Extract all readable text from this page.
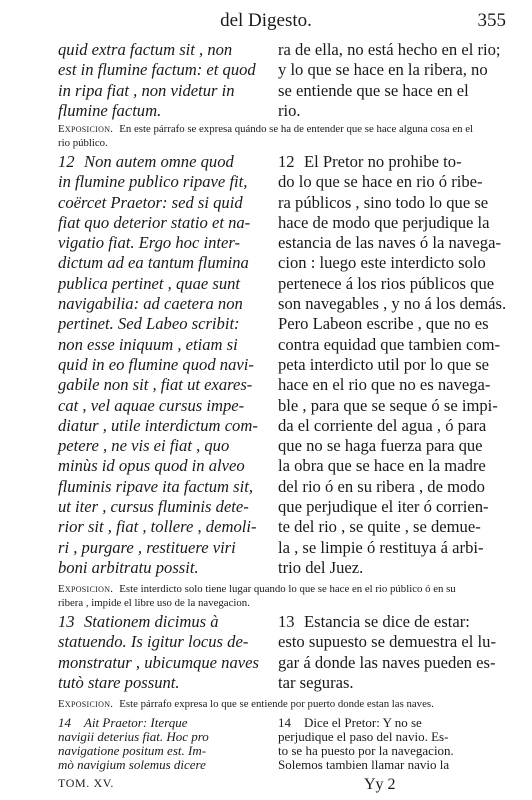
del Digesto.	355
quid extra factum sit , non
est in flumine factum: et quod
in ripa fiat , non videtur in
flumine factum.
ra de ella, no está hecho en el rio;
y lo que se hace en la ribera, no
se entiende que se hace en el
rio.
Exposicion. En este párrafo se expresa quándo se ha de entender que se hace alguna cosa en el rio público.
12 Non autem omne quod
in flumine publico ripave fit,
coërcet Praetor: sed si quid
fiat quo deterior statio et na-
vigatio fiat. Ergo hoc inter-
dictum ad ea tantum flumina
publica pertinet , quae sunt
navigabilia: ad caetera non
pertinet. Sed Labeo scribit:
non esse iniquum , etiam si
quid in eo flumine quod navi-
gabile non sit , fiat ut exares-
cat , vel aquae cursus impe-
diatur , utile interdictum com-
petere , ne vis ei fiat , quo
minùs id opus quod in alveo
fluminis ripave ita factum sit,
ut iter , cursus fluminis dete-
rior sit , fiat , tollere , demoli-
ri , purgare , restituere viri
boni arbitratu possit.
12 El Pretor no prohibe to-
do lo que se hace en rio ó ribe-
ra públicos , sino todo lo que se
hace de modo que perjudique la
estancia de las naves ó la navega-
cion : luego este interdicto solo
pertenece á los rios públicos que
son navegables , y no á los demás.
Pero Labeon escribe , que no es
contra equidad que tambien com-
peta interdicto util por lo que se
hace en el rio que no es navega-
ble , para que se seque ó se impi-
da el corriente del agua , ó para
que no se haga fuerza para que
la obra que se hace en la madre
del rio ó en su ribera , de modo
que perjudique el iter ó corrien-
te del rio , se quite , se demue-
la , se limpie ó restituya á arbi-
trio del Juez.
Exposicion. Este interdicto solo tiene lugar quando lo que se hace en el rio público ó en su ribera , impide el libre uso de la navegacion.
13 Stationem dicimus à
statuendo. Is igitur locus de-
monstratur , ubicumque naves
tutò stare possunt.
13 Estancia se dice de estar:
esto supuesto se demuestra el lu-
gar á donde las naves pueden es-
tar seguras.
Exposicion. Este párrafo expresa lo que se entiende por puerto donde estan las naves.
14 Ait Praetor: Iterque
navigii deterius fiat. Hoc pro
navigatione positum est. Im-
mò navigium solemus dicere
14 Dice el Pretor: Y no se
perjudique el paso del navio. Es-
to se ha puesto por la navegacion.
Solemos tambien llamar navio la
TOM. XV.	Yy 2
